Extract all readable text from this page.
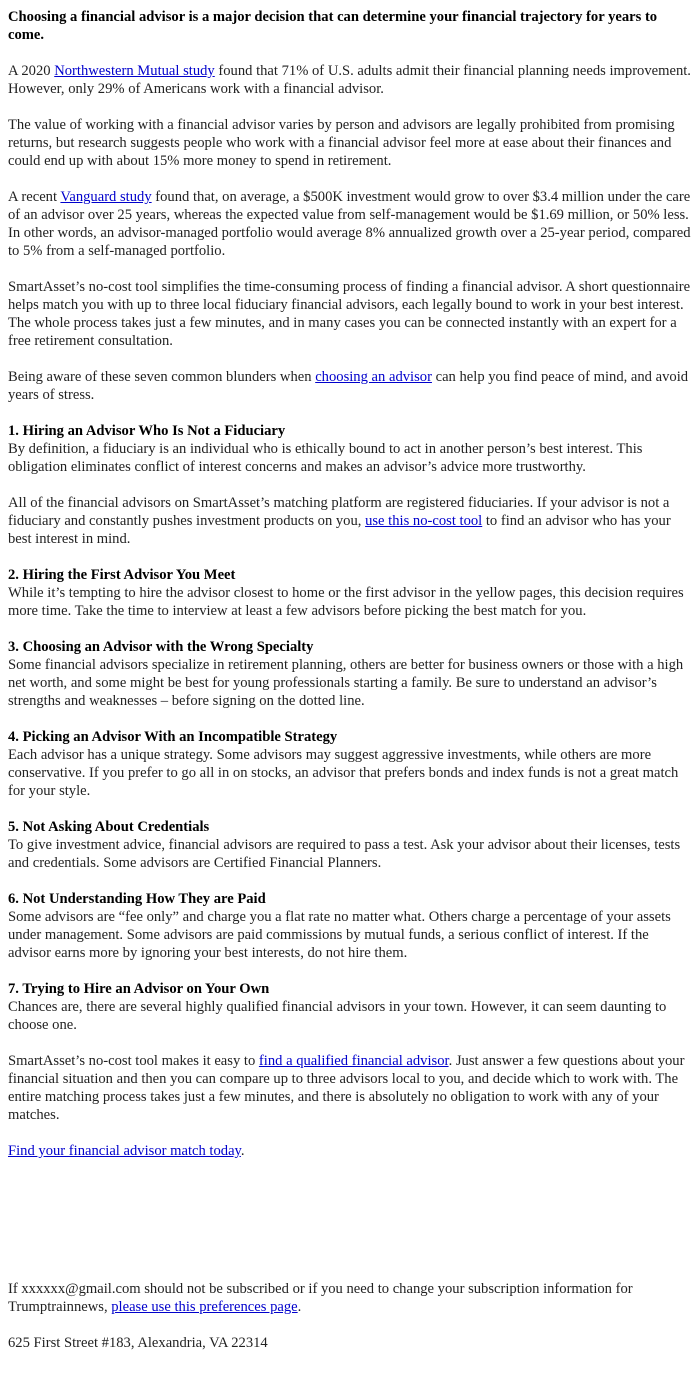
Choosing a financial advisor is a major decision that can determine your financial trajectory for years to come.

A 2020 Northwestern Mutual study found that 71% of U.S. adults admit their financial planning needs improvement. However, only 29% of Americans work with a financial advisor.

The value of working with a financial advisor varies by person and advisors are legally prohibited from promising returns, but research suggests people who work with a financial advisor feel more at ease about their finances and could end up with about 15% more money to spend in retirement.

A recent Vanguard study found that, on average, a $500K investment would grow to over $3.4 million under the care of an advisor over 25 years, whereas the expected value from self-management would be $1.69 million, or 50% less. In other words, an advisor-managed portfolio would average 8% annualized growth over a 25-year period, compared to 5% from a self-managed portfolio.

SmartAsset’s no-cost tool simplifies the time-consuming process of finding a financial advisor. A short questionnaire helps match you with up to three local fiduciary financial advisors, each legally bound to work in your best interest. The whole process takes just a few minutes, and in many cases you can be connected instantly with an expert for a free retirement consultation.

Being aware of these seven common blunders when choosing an advisor can help you find peace of mind, and avoid years of stress.

1. Hiring an Advisor Who Is Not a Fiduciary
By definition, a fiduciary is an individual who is ethically bound to act in another person’s best interest. This obligation eliminates conflict of interest concerns and makes an advisor’s advice more trustworthy.

All of the financial advisors on SmartAsset’s matching platform are registered fiduciaries. If your advisor is not a fiduciary and constantly pushes investment products on you, use this no-cost tool to find an advisor who has your best interest in mind.

2. Hiring the First Advisor You Meet
While it’s tempting to hire the advisor closest to home or the first advisor in the yellow pages, this decision requires more time. Take the time to interview at least a few advisors before picking the best match for you.

3. Choosing an Advisor with the Wrong Specialty
Some financial advisors specialize in retirement planning, others are better for business owners or those with a high net worth, and some might be best for young professionals starting a family. Be sure to understand an advisor’s strengths and weaknesses – before signing on the dotted line.

4. Picking an Advisor With an Incompatible Strategy
Each advisor has a unique strategy. Some advisors may suggest aggressive investments, while others are more conservative. If you prefer to go all in on stocks, an advisor that prefers bonds and index funds is not a great match for your style.

5. Not Asking About Credentials
To give investment advice, financial advisors are required to pass a test. Ask your advisor about their licenses, tests and credentials. Some advisors are Certified Financial Planners.

6. Not Understanding How They are Paid
Some advisors are “fee only” and charge you a flat rate no matter what. Others charge a percentage of your assets under management. Some advisors are paid commissions by mutual funds, a serious conflict of interest. If the advisor earns more by ignoring your best interests, do not hire them.

7. Trying to Hire an Advisor on Your Own
Chances are, there are several highly qualified financial advisors in your town. However, it can seem daunting to choose one.

SmartAsset’s no-cost tool makes it easy to find a qualified financial advisor. Just answer a few questions about your financial situation and then you can compare up to three advisors local to you, and decide which to work with. The entire matching process takes just a few minutes, and there is absolutely no obligation to work with any of your matches.

Find your financial advisor match today.

If xxxxxx@gmail.com should not be subscribed or if you need to change your subscription information for Trumptrainnews, please use this preferences page.

625 First Street #183, Alexandria, VA 22314
